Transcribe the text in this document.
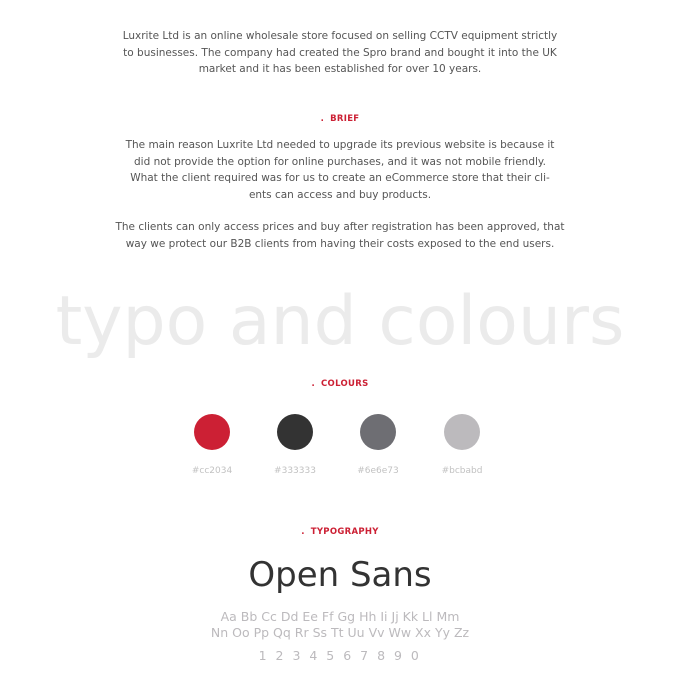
Luxrite Ltd is an online wholesale store focused on selling CCTV equipment strictly
to businesses. The company had created the Spro brand and bought it into the UK
market and it has been established for over 10 years.
. BRIEF
The main reason Luxrite Ltd needed to upgrade its previous website is because it
did not provide the option for online purchases, and it was not mobile friendly.
What the client required was for us to create an eCommerce store that their cli-
ents can access and buy products.
The clients can only access prices and buy after registration has been approved, that
way we protect our B2B clients from having their costs exposed to the end users.
typo and colours
. COLOURS
#cc2034	#333333	#6e6e73	#bcbabd
. TYPOGRAPHY
Open Sans
Aa Bb Cc Dd Ee Ff Gg Hh Ii Jj Kk Ll Mm
Nn Oo Pp Qq Rr Ss Tt Uu Vv Ww Xx Yy Zz
1 2 3 4 5 6 7 8 9 0
